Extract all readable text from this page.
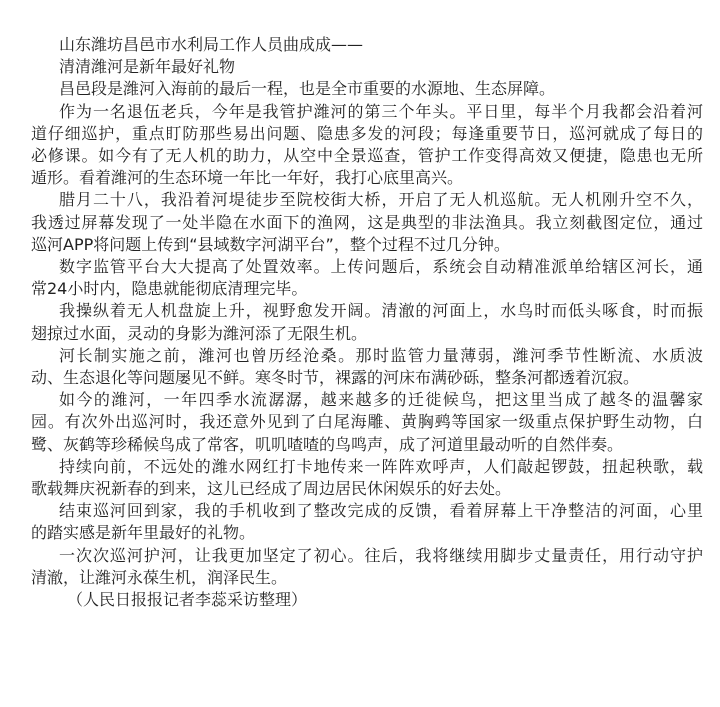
山东潍坊昌邑市水利局工作人员曲成成——

清清潍河是新年最好礼物

昌邑段是潍河入海前的最后一程，也是全市重要的水源地、生态屏障。

作为一名退伍老兵，今年是我管护潍河的第三个年头。平日里，每半个月我都会沿着河

道仔细巡护，重点盯防那些易出问题、隐患多发的河段；每逢重要节日，巡河就成了每日的

必修课。如今有了无人机的助力，从空中全景巡查，管护工作变得高效又便捷，隐患也无所

遁形。看着潍河的生态环境一年比一年好，我打心底里高兴。

腊月二十八，我沿着河堤徒步至院校街大桥，开启了无人机巡航。无人机刚升空不久，

我透过屏幕发现了一处半隐在水面下的渔网，这是典型的非法渔具。我立刻截图定位，通过

巡河APP将问题上传到“县域数字河湖平台”，整个过程不过几分钟。

数字监管平台大大提高了处置效率。上传问题后，系统会自动精准派单给辖区河长，通

常24小时内，隐患就能彻底清理完毕。

我操纵着无人机盘旋上升，视野愈发开阔。清澈的河面上，水鸟时而低头啄食，时而振

翅掠过水面，灵动的身影为潍河添了无限生机。

河长制实施之前，潍河也曾历经沧桑。那时监管力量薄弱，潍河季节性断流、水质波

动、生态退化等问题屡见不鲜。寒冬时节，裸露的河床布满砂砾，整条河都透着沉寂。

如今的潍河，一年四季水流潺潺，越来越多的迁徙候鸟，把这里当成了越冬的温馨家

园。有次外出巡河时，我还意外见到了白尾海雕、黄胸鹀等国家一级重点保护野生动物，白

鹭、灰鹤等珍稀候鸟成了常客，叽叽喳喳的鸟鸣声，成了河道里最动听的自然伴奏。

持续向前，不远处的潍水网红打卡地传来一阵阵欢呼声，人们敲起锣鼓，扭起秧歌，载

歌载舞庆祝新春的到来，这儿已经成了周边居民休闲娱乐的好去处。

结束巡河回到家，我的手机收到了整改完成的反馈，看着屏幕上干净整洁的河面，心里

的踏实感是新年里最好的礼物。

一次次巡河护河，让我更加坚定了初心。往后，我将继续用脚步丈量责任，用行动守护

清澈，让潍河永葆生机，润泽民生。

（人民日报报记者李蕊采访整理）
